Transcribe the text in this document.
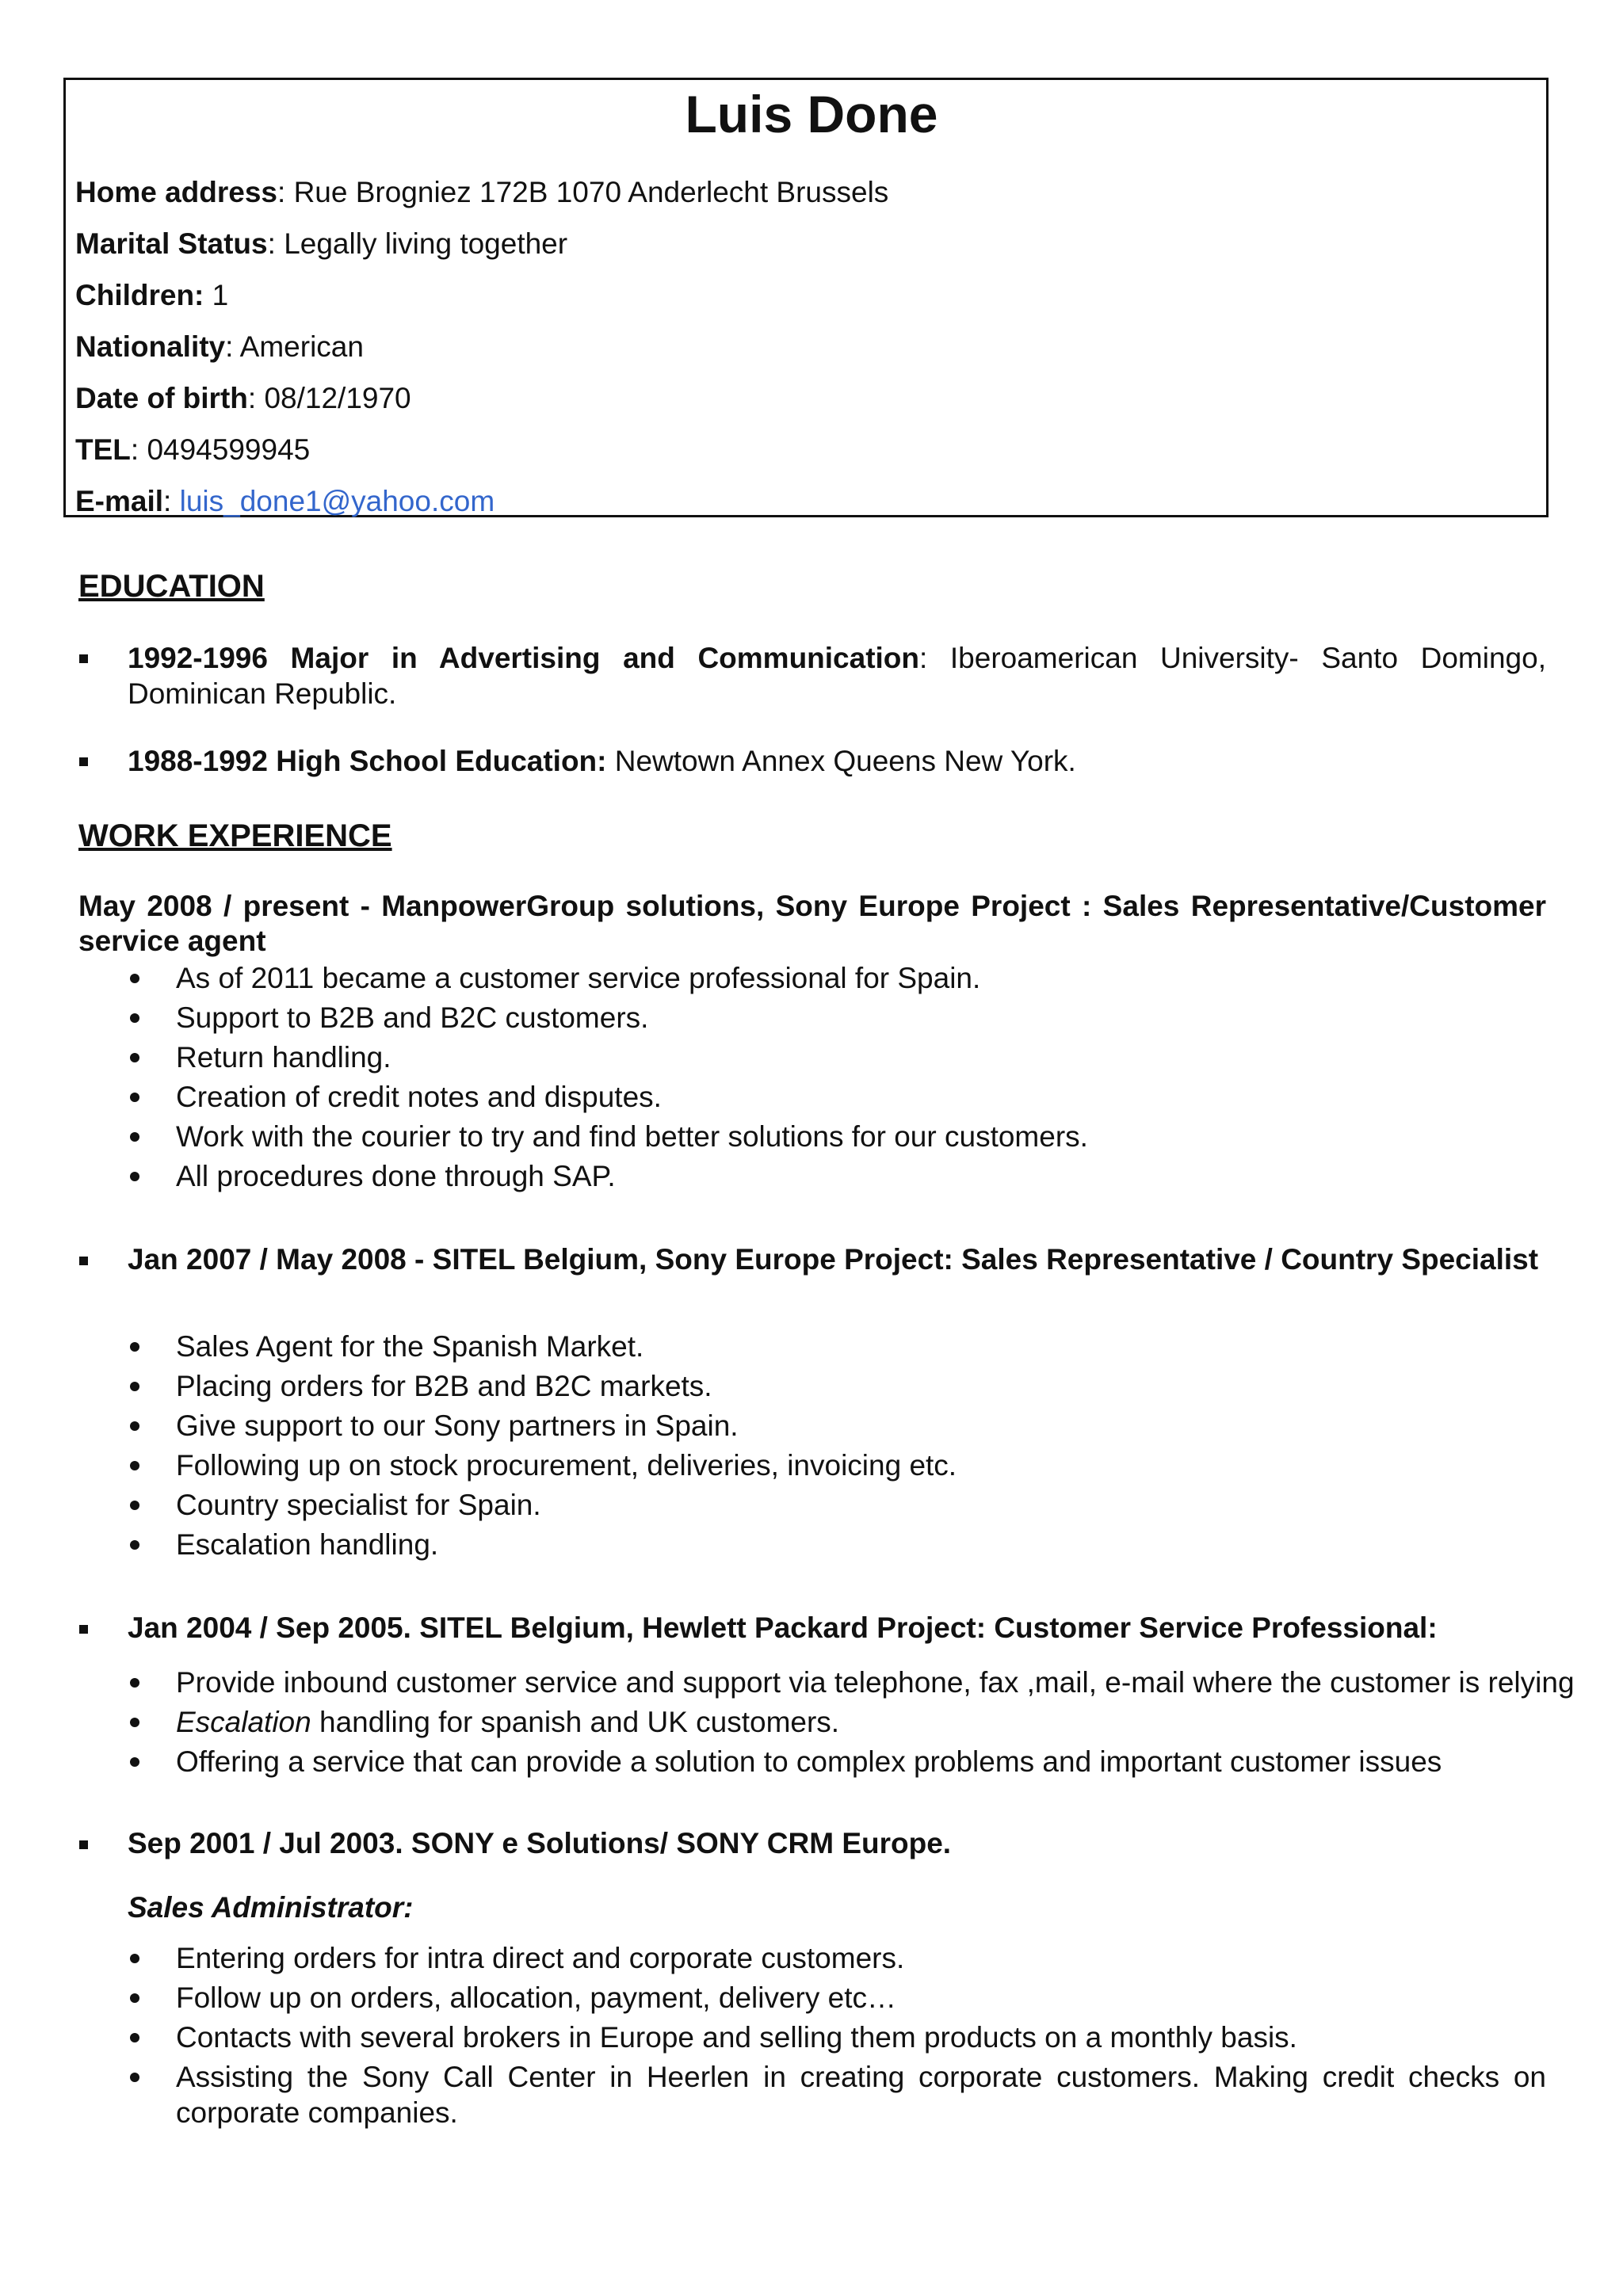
Luis Done
Home address: Rue Brogniez 172B 1070 Anderlecht Brussels
Marital Status: Legally living together
Children: 1
Nationality: American
Date of birth: 08/12/1970
TEL: 0494599945
E-mail: luis_done1@yahoo.com
EDUCATION
1992-1996 Major in Advertising and Communication: Iberoamerican University- Santo Domingo, Dominican Republic.
1988-1992 High School Education: Newtown Annex Queens New York.
WORK EXPERIENCE
May 2008 / present - ManpowerGroup solutions, Sony Europe Project : Sales Representative/Customer service agent
As of 2011 became a customer service professional for Spain.
Support to B2B and B2C customers.
Return handling.
Creation of credit notes and disputes.
Work with the courier to try and find better solutions for our customers.
All procedures done through SAP.
Jan 2007 / May 2008 - SITEL Belgium, Sony Europe Project: Sales Representative / Country Specialist
Sales Agent for the Spanish Market.
Placing orders for B2B and B2C markets.
Give support to our Sony partners in Spain.
Following up on stock procurement, deliveries, invoicing etc.
Country specialist for Spain.
Escalation handling.
Jan 2004 / Sep 2005. SITEL Belgium, Hewlett Packard Project: Customer Service Professional:
Provide inbound customer service and support via telephone, fax ,mail, e-mail where the customer is relying
Escalation handling for spanish and UK customers.
Offering a service that can provide a solution to complex problems and important customer issues
Sep 2001 / Jul 2003. SONY e Solutions/ SONY CRM Europe.
Sales Administrator:
Entering orders for intra direct and corporate customers.
Follow up on orders, allocation, payment, delivery etc…
Contacts with several brokers in Europe and selling them products on a monthly basis.
Assisting the Sony Call Center in Heerlen in creating corporate customers. Making credit checks on corporate companies.
